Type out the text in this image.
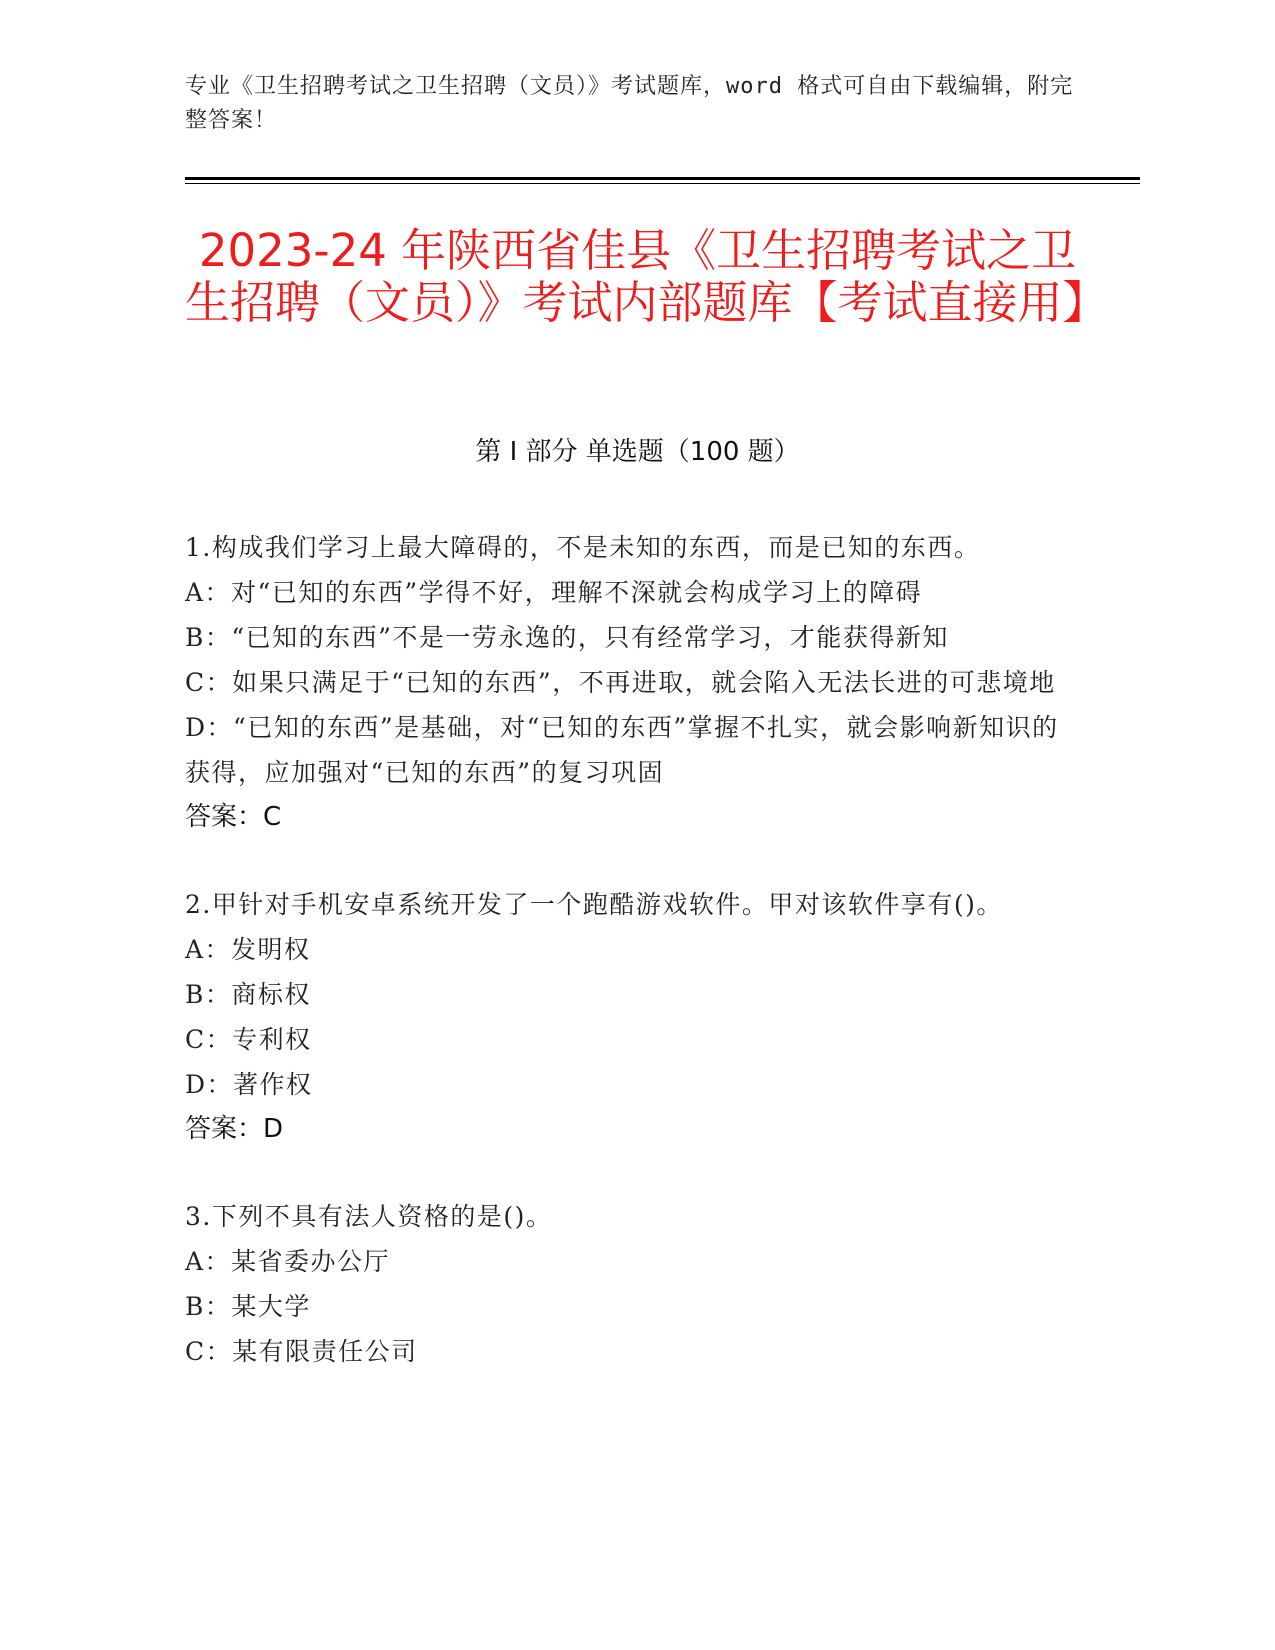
专业《卫生招聘考试之卫生招聘（文员）》考试题库，word 格式可自由下载编辑，附完整答案！
2023-24 年陕西省佳县《卫生招聘考试之卫生招聘（文员）》考试内部题库【考试直接用】
第 I 部分 单选题（100 题）

1.构成我们学习上最大障碍的，不是未知的东西，而是已知的东西。

A：对“已知的东西”学得不好，理解不深就会构成学习上的障碍

B：“已知的东西”不是一劳永逸的，只有经常学习，才能获得新知

C：如果只满足于“已知的东西”，不再进取，就会陷入无法长进的可悲境地

D：“已知的东西”是基础，对“已知的东西”掌握不扎实，就会影响新知识的获得，应加强对“已知的东西”的复习巩固

答案：C

2.甲针对手机安卓系统开发了一个跑酷游戏软件。甲对该软件享有()。

A：发明权

B：商标权

C：专利权

D：著作权

答案：D

3.下列不具有法人资格的是()。

A：某省委办公厅

B：某大学

C：某有限责任公司
